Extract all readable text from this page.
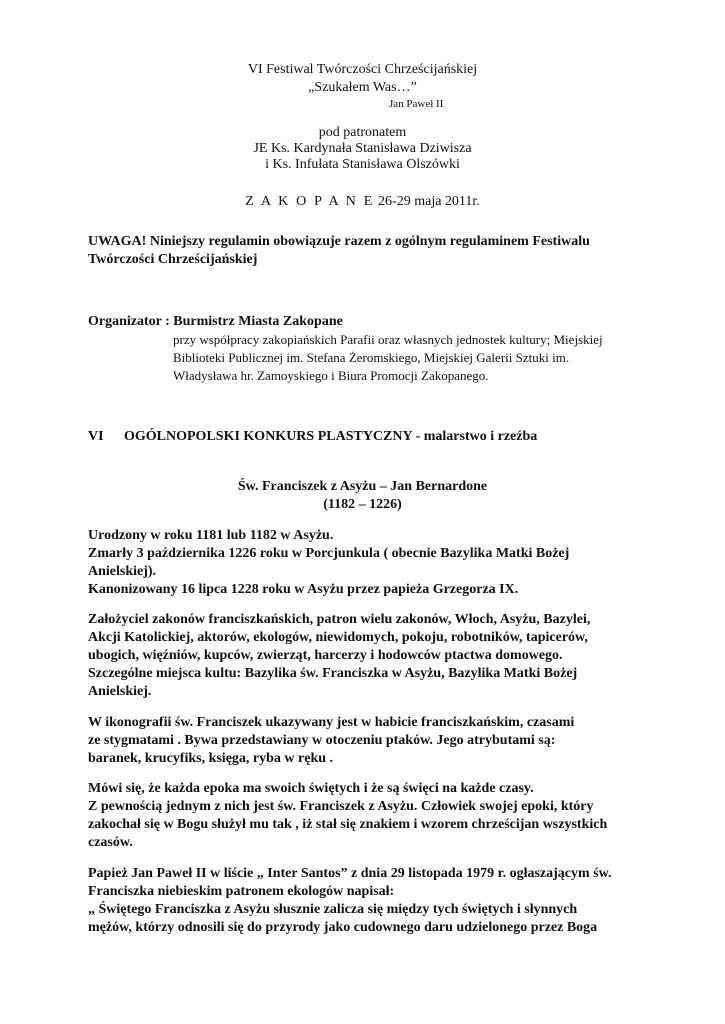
VI Festiwal Twórczości Chrześcijańskiej
„Szukałem Was…”
Jan Paweł II
pod patronatem
JE Ks. Kardynała Stanisława Dziwisza
i Ks. Infułata Stanisława Olszówki
Z A K O P A N E 26-29 maja 2011r.
UWAGA! Niniejszy regulamin obowiązuje razem z ogólnym regulaminem Festiwalu
Twórczości Chrześcijańskiej
Organizator : Burmistrz Miasta Zakopane
przy współpracy zakopiańskich Parafii oraz własnych jednostek kultury; Miejskiej
Biblioteki Publicznej im. Stefana Żeromskiego, Miejskiej Galerii Sztuki im.
Władysława hr. Zamoyskiego i Biura Promocji Zakopanego.
VI OGÓLNOPOLSKI KONKURS PLASTYCZNY - malarstwo i rzeźba
Św. Franciszek z Asyżu – Jan Bernardone
(1182 – 1226)
Urodzony w roku 1181 lub 1182 w Asyżu.
Zmarły 3 października 1226 roku w Porcjunkula ( obecnie Bazylika Matki Bożej
Anielskiej).
Kanonizowany 16 lipca 1228 roku w Asyżu przez papieża Grzegorza IX.
Założyciel zakonów franciszkańskich, patron wielu zakonów, Włoch, Asyżu, Bazylei,
Akcji Katolickiej, aktorów, ekologów, niewidomych, pokoju, robotników, tapicerów,
ubogich, więźniów, kupców, zwierząt, harcerzy i hodowców ptactwa domowego.
Szczególne miejsca kultu: Bazylika św. Franciszka w Asyżu, Bazylika Matki Bożej
Anielskiej.
W ikonografii św. Franciszek ukazywany jest w habicie franciszkańskim, czasami
ze stygmatami . Bywa przedstawiany w otoczeniu ptaków. Jego atrybutami są:
baranek, krucyfiks, księga, ryba w ręku .
Mówi się, że każda epoka ma swoich świętych i że są święci na każde czasy.
Z pewnością jednym z nich jest św. Franciszek z Asyżu. Człowiek swojej epoki, który
zakochał się w Bogu służył mu tak , iż stał się znakiem i wzorem chrześcijan wszystkich
czasów.
Papież Jan Paweł II w liście „ Inter Santos” z dnia 29 listopada 1979 r. ogłaszającym św.
Franciszka niebieskim patronem ekologów napisał:
„ Świętego Franciszka z Asyżu słusznie zalicza się między tych świętych i słynnych
mężów, którzy odnosili się do przyrody jako cudownego daru udzielonego przez Boga
